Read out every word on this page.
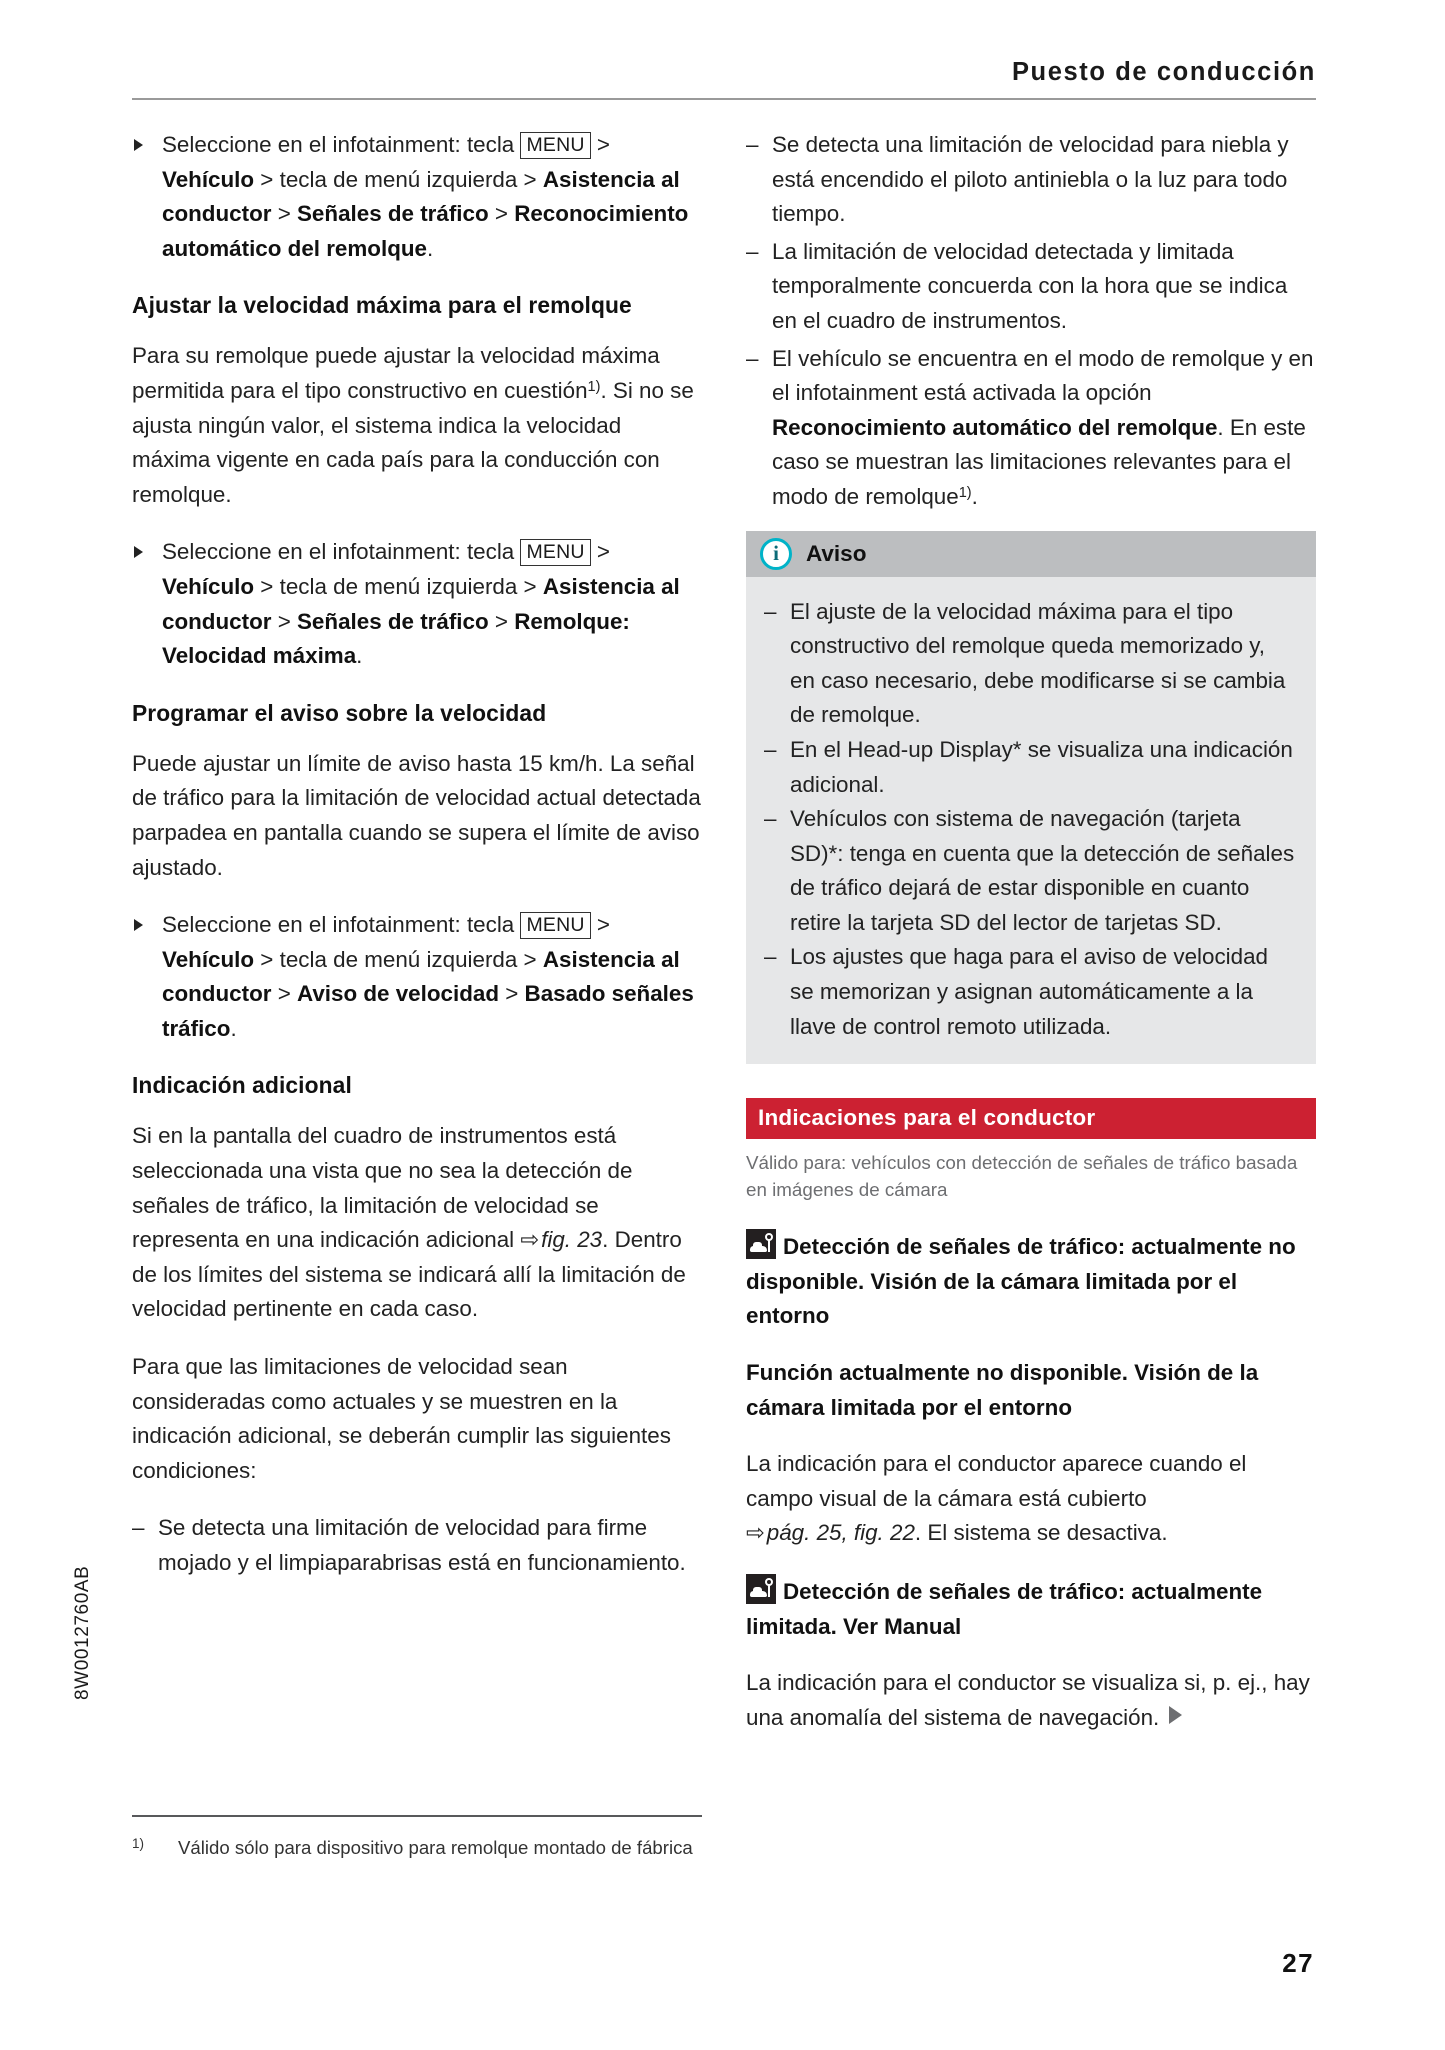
Puesto de conducción
Seleccione en el infotainment: tecla MENU > Vehículo > tecla de menú izquierda > Asistencia al conductor > Señales de tráfico > Reconocimiento automático del remolque.
Ajustar la velocidad máxima para el remolque

Para su remolque puede ajustar la velocidad máxima permitida para el tipo constructivo en cuestión$^{1)}$. Si no se ajusta ningún valor, el sistema indica la velocidad máxima vigente en cada país para la conducción con remolque.

Seleccione en el infotainment: tecla MENU > Vehículo > tecla de menú izquierda > Asistencia al conductor > Señales de tráfico > Remolque: Velocidad máxima.
Programar el aviso sobre la velocidad

Puede ajustar un límite de aviso hasta 15 km/h. La señal de tráfico para la limitación de velocidad actual detectada parpadea en pantalla cuando se supera el límite de aviso ajustado.

Seleccione en el infotainment: tecla MENU > Vehículo > tecla de menú izquierda > Asistencia al conductor > Aviso de velocidad > Basado señales tráfico.
Indicación adicional

Si en la pantalla del cuadro de instrumentos está seleccionada una vista que no sea la detección de señales de tráfico, la limitación de velocidad se representa en una indicación adicional ⇨ fig. 23. Dentro de los límites del sistema se indicará allí la limitación de velocidad pertinente en cada caso.

Para que las limitaciones de velocidad sean consideradas como actuales y se muestren en la indicación adicional, se deberán cumplir las siguientes condiciones:

– Se detecta una limitación de velocidad para firme mojado y el limpiaparabrisas está en funcionamiento.
– Se detecta una limitación de velocidad para niebla y está encendido el piloto antiniebla o la luz para todo tiempo.
– La limitación de velocidad detectada y limitada temporalmente concuerda con la hora que se indica en el cuadro de instrumentos.
– El vehículo se encuentra en el modo de remolque y en el infotainment está activada la opción Reconocimiento automático del remolque. En este caso se muestran las limitaciones relevantes para el modo de remolque$^{1)}$.
i	Aviso
– El ajuste de la velocidad máxima para el tipo constructivo del remolque queda memorizado y, en caso necesario, debe modificarse si se cambia de remolque.
– En el Head-up Display* se visualiza una indicación adicional.
– Vehículos con sistema de navegación (tarjeta SD)*: tenga en cuenta que la detección de señales de tráfico dejará de estar disponible en cuanto retire la tarjeta SD del lector de tarjetas SD.
– Los ajustes que haga para el aviso de velocidad se memorizan y asignan automáticamente a la llave de control remoto utilizada.
Indicaciones para el conductor
Válido para: vehículos con detección de señales de tráfico basada en imágenes de cámara
Detección de señales de tráfico: actualmente no disponible. Visión de la cámara limitada por el entorno
Función actualmente no disponible. Visión de la cámara limitada por el entorno

La indicación para el conductor aparece cuando el campo visual de la cámara está cubierto ⇨ pág. 25, fig. 22. El sistema se desactiva.

Detección de señales de tráfico: actualmente limitada. Ver Manual

La indicación para el conductor se visualiza si, p. ej., hay una anomalía del sistema de navegación.

$^{1)}$ Válido sólo para dispositivo para remolque montado de fábrica
8W0012760AB
27
